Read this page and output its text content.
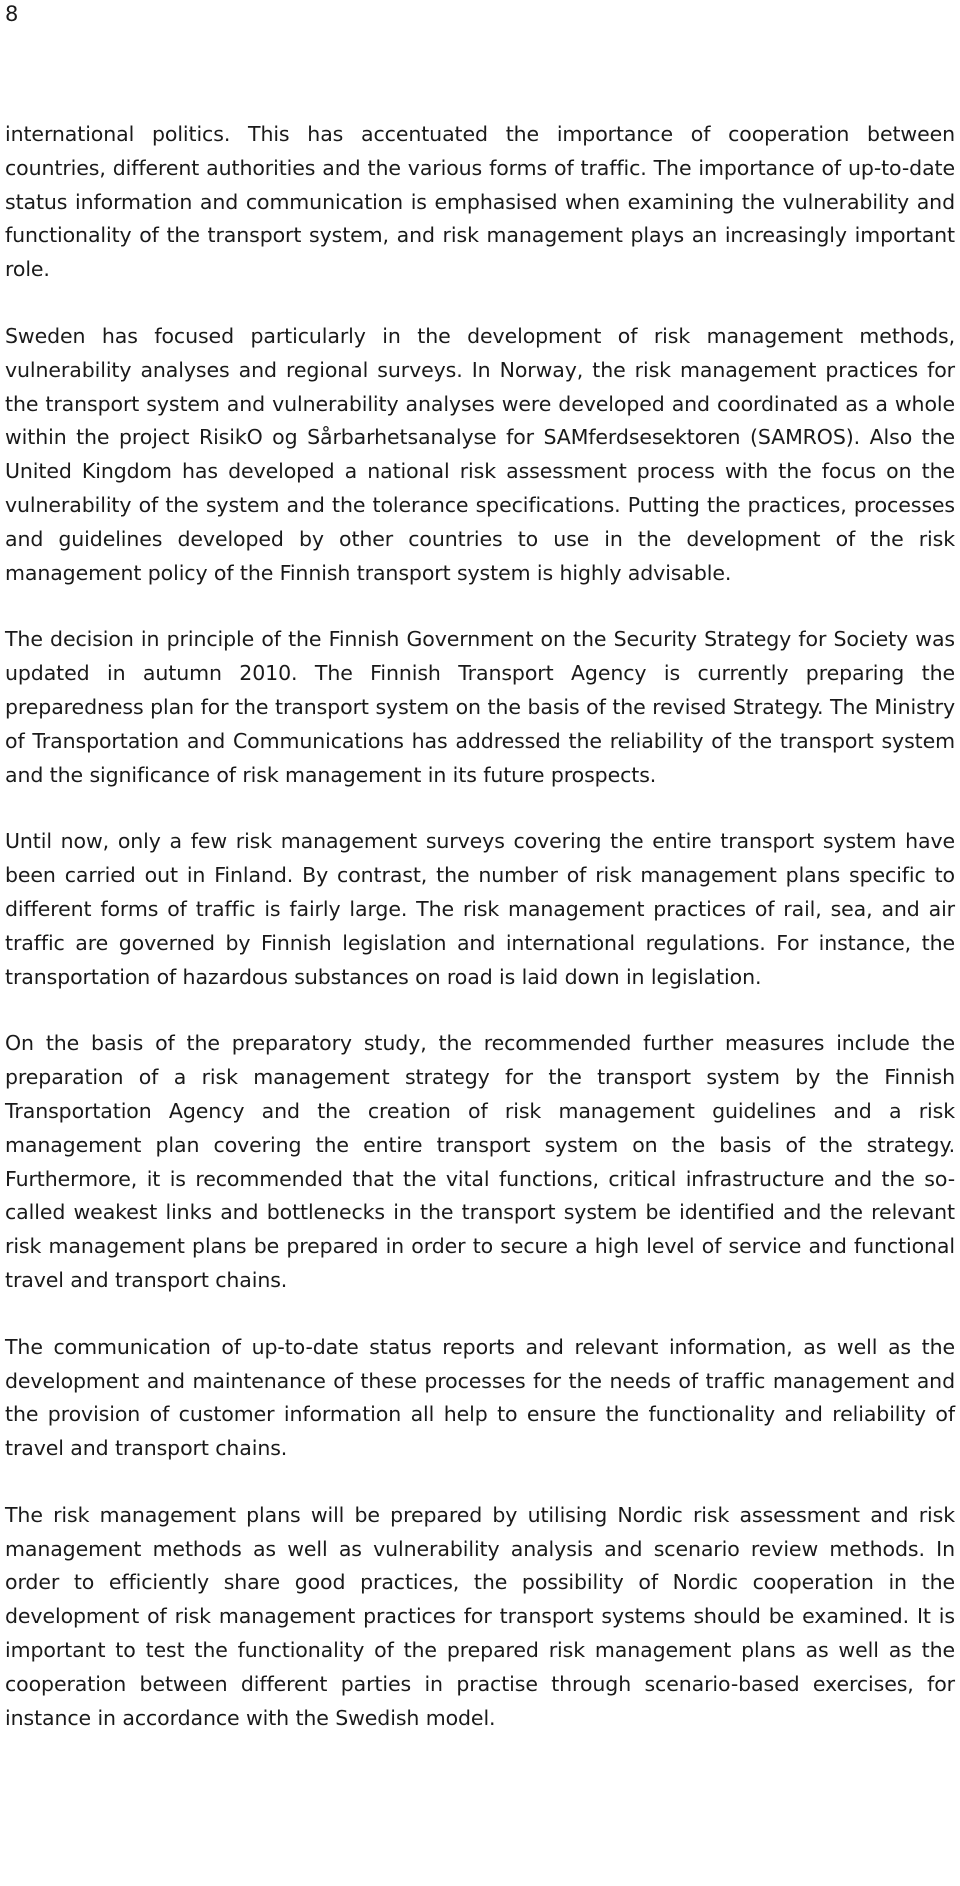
8

international politics. This has accentuated the importance of cooperation between countries, different authorities and the various forms of traffic. The importance of up-to-date status information and communication is emphasised when examining the vulnerability and functionality of the transport system, and risk management plays an increasingly important role.

Sweden has focused particularly in the development of risk management methods, vulnerability analyses and regional surveys. In Norway, the risk management practices for the transport system and vulnerability analyses were developed and coordinated as a whole within the project RisikO og Sårbarhetsanalyse for SAMferdsesektoren (SAMROS). Also the United Kingdom has developed a national risk assessment process with the focus on the vulnerability of the system and the tolerance specifications. Putting the practices, processes and guidelines developed by other countries to use in the development of the risk management policy of the Finnish transport system is highly advisable.

The decision in principle of the Finnish Government on the Security Strategy for Society was updated in autumn 2010. The Finnish Transport Agency is currently preparing the preparedness plan for the transport system on the basis of the revised Strategy. The Ministry of Transportation and Communications has addressed the reliability of the transport system and the significance of risk management in its future prospects.

Until now, only a few risk management surveys covering the entire transport system have been carried out in Finland. By contrast, the number of risk management plans specific to different forms of traffic is fairly large. The risk management practices of rail, sea, and air traffic are governed by Finnish legislation and international regulations. For instance, the transportation of hazardous substances on road is laid down in legislation.

On the basis of the preparatory study, the recommended further measures include the preparation of a risk management strategy for the transport system by the Finnish Transportation Agency and the creation of risk management guidelines and a risk management plan covering the entire transport system on the basis of the strategy. Furthermore, it is recommended that the vital functions, critical infrastructure and the so-called weakest links and bottlenecks in the transport system be identified and the relevant risk management plans be prepared in order to secure a high level of service and functional travel and transport chains.

The communication of up-to-date status reports and relevant information, as well as the development and maintenance of these processes for the needs of traffic management and the provision of customer information all help to ensure the functionality and reliability of travel and transport chains.

The risk management plans will be prepared by utilising Nordic risk assessment and risk management methods as well as vulnerability analysis and scenario review methods. In order to efficiently share good practices, the possibility of Nordic cooperation in the development of risk management practices for transport systems should be examined. It is important to test the functionality of the prepared risk management plans as well as the cooperation between different parties in practise through scenario-based exercises, for instance in accordance with the Swedish model.
